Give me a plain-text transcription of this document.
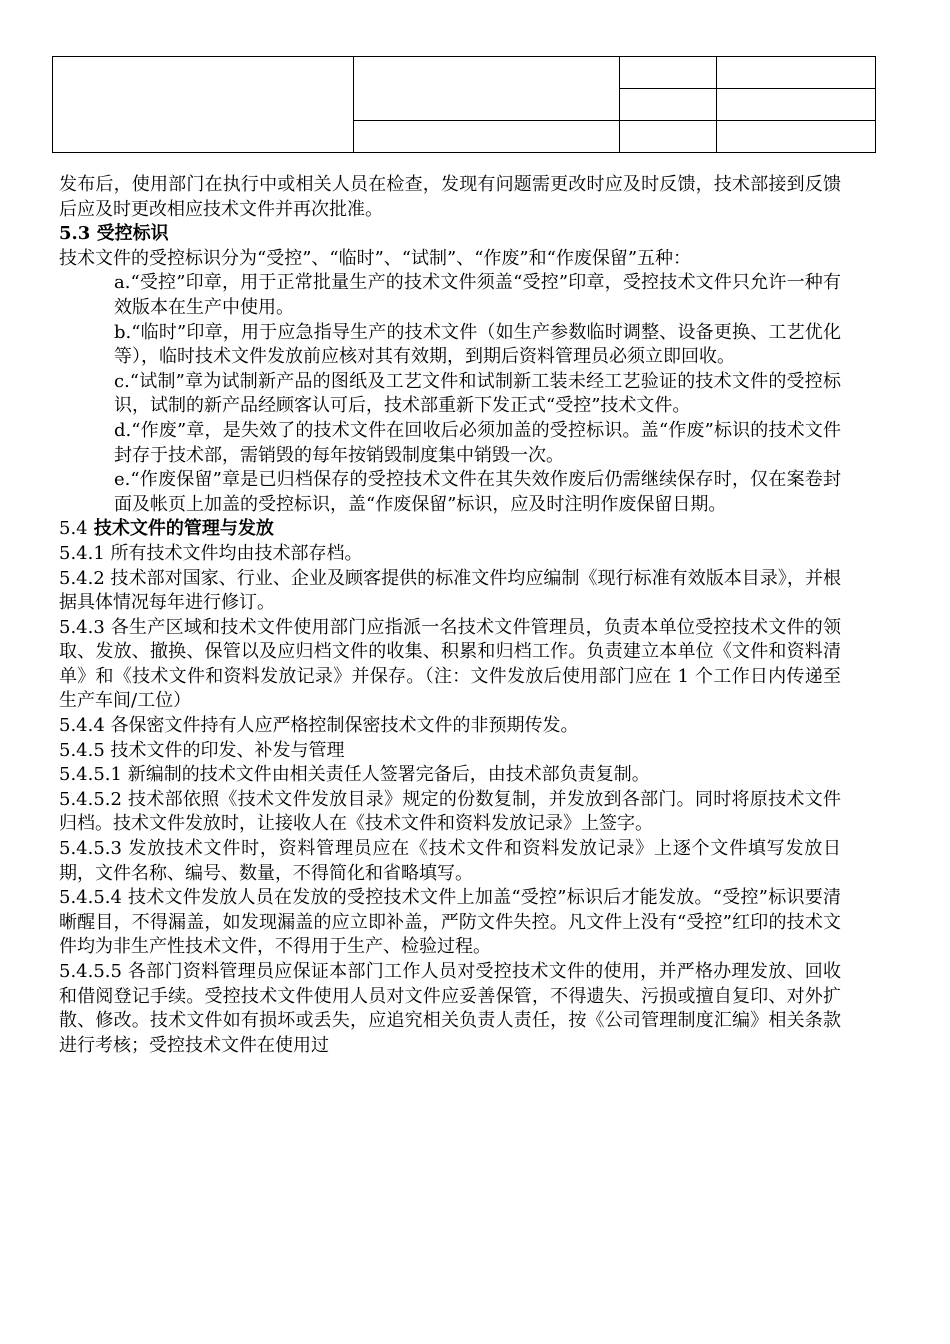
发布后，使用部门在执行中或相关人员在检查，发现有问题需更改时应及时反馈，技术部接到反馈后应及时更改相应技术文件并再次批准。

5.3 受控标识

技术文件的受控标识分为“受控”、“临时”、“试制”、“作废”和“作废保留”五种：

a.“受控”印章，用于正常批量生产的技术文件须盖“受控”印章，受控技术文件只允许一种有效版本在生产中使用。

b.“临时”印章，用于应急指导生产的技术文件（如生产参数临时调整、设备更换、工艺优化等），临时技术文件发放前应核对其有效期，到期后资料管理员必须立即回收。

c.“试制”章为试制新产品的图纸及工艺文件和试制新工装未经工艺验证的技术文件的受控标识，试制的新产品经顾客认可后，技术部重新下发正式“受控”技术文件。

d.“作废”章，是失效了的技术文件在回收后必须加盖的受控标识。盖“作废”标识的技术文件封存于技术部，需销毁的每年按销毁制度集中销毁一次。

e.“作废保留”章是已归档保存的受控技术文件在其失效作废后仍需继续保存时，仅在案卷封面及帐页上加盖的受控标识，盖“作废保留”标识，应及时注明作废保留日期。

5.4 技术文件的管理与发放

5.4.1 所有技术文件均由技术部存档。

5.4.2 技术部对国家、行业、企业及顾客提供的标准文件均应编制《现行标准有效版本目录》，并根据具体情况每年进行修订。

5.4.3 各生产区域和技术文件使用部门应指派一名技术文件管理员，负责本单位受控技术文件的领取、发放、撤换、保管以及应归档文件的收集、积累和归档工作。负责建立本单位《文件和资料清单》和《技术文件和资料发放记录》并保存。（注：文件发放后使用部门应在 1 个工作日内传递至生产车间/工位）

5.4.4 各保密文件持有人应严格控制保密技术文件的非预期传发。

5.4.5 技术文件的印发、补发与管理

5.4.5.1 新编制的技术文件由相关责任人签署完备后，由技术部负责复制。

5.4.5.2 技术部依照《技术文件发放目录》规定的份数复制，并发放到各部门。同时将原技术文件归档。技术文件发放时，让接收人在《技术文件和资料发放记录》上签字。

5.4.5.3 发放技术文件时，资料管理员应在《技术文件和资料发放记录》上逐个文件填写发放日期，文件名称、编号、数量，不得简化和省略填写。

5.4.5.4 技术文件发放人员在发放的受控技术文件上加盖“受控”标识后才能发放。“受控”标识要清晰醒目，不得漏盖，如发现漏盖的应立即补盖，严防文件失控。凡文件上没有“受控”红印的技术文件均为非生产性技术文件，不得用于生产、检验过程。

5.4.5.5 各部门资料管理员应保证本部门工作人员对受控技术文件的使用，并严格办理发放、回收和借阅登记手续。受控技术文件使用人员对文件应妥善保管，不得遗失、污损或擅自复印、对外扩散、修改。技术文件如有损坏或丢失，应追究相关负责人责任，按《公司管理制度汇编》相关条款进行考核；受控技术文件在使用过
